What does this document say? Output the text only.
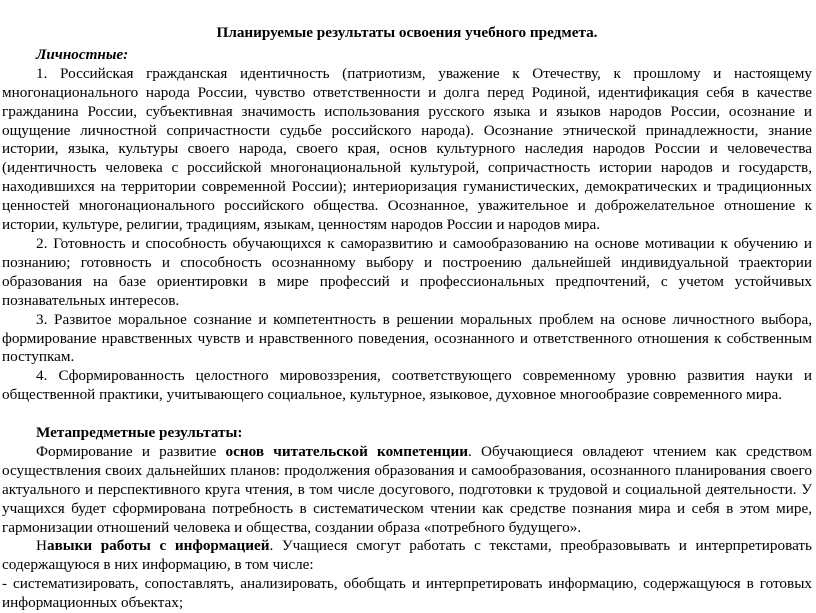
Планируемые результаты освоения учебного предмета.
Личностные:

1. Российская гражданская идентичность (патриотизм, уважение к Отечеству, к прошлому и настоящему многонационального народа России, чувство ответственности и долга перед Родиной, идентификация себя в качестве гражданина России, субъективная значимость использования русского языка и языков народов России, осознание и ощущение личностной сопричастности судьбе российского народа). Осознание этнической принадлежности, знание истории, языка, культуры своего народа, своего края, основ культурного наследия народов России и человечества (идентичность человека с российской многонациональной культурой, сопричастность истории народов и государств, находившихся на территории современной России); интериоризация гуманистических, демократических и традиционных ценностей многонационального российского общества. Осознанное, уважительное и доброжелательное отношение к истории, культуре, религии, традициям, языкам, ценностям народов России и народов мира.

2. Готовность и способность обучающихся к саморазвитию и самообразованию на основе мотивации к обучению и познанию; готовность и способность осознанному выбору и построению дальнейшей индивидуальной траектории образования на базе ориентировки в мире профессий и профессиональных предпочтений, с учетом устойчивых познавательных интересов.

3. Развитое моральное сознание и компетентность в решении моральных проблем на основе личностного выбора, формирование нравственных чувств и нравственного поведения, осознанного и ответственного отношения к собственным поступкам.

4. Сформированность целостного мировоззрения, соответствующего современному уровню развития науки и общественной практики, учитывающего социальное, культурное, языковое, духовное многообразие современного мира.

Метапредметные результаты:

Формирование и развитие основ читательской компетенции. Обучающиеся овладеют чтением как средством осуществления своих дальнейших планов: продолжения образования и самообразования, осознанного планирования своего актуального и перспективного круга чтения, в том числе досугового, подготовки к трудовой и социальной деятельности. У учащихся будет сформирована потребность в систематическом чтении как средстве познания мира и себя в этом мире, гармонизации отношений человека и общества, создании образа «потребного будущего».

Навыки работы с информацией. Учащиеся смогут работать с текстами, преобразовывать и интерпретировать содержащуюся в них информацию, в том числе:

- систематизировать, сопоставлять, анализировать, обобщать и интерпретировать информацию, содержащуюся в готовых информационных объектах;
